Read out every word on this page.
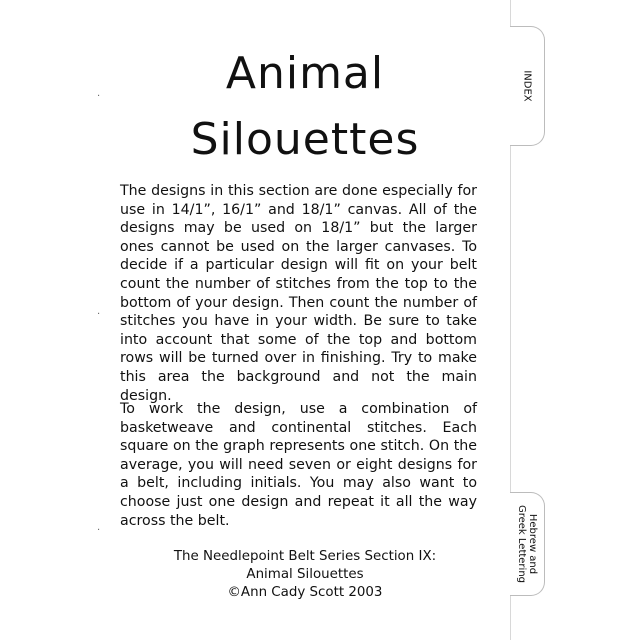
.
.
.
Animal
Silouettes

The designs in this section are done especially for use in 14/1”, 16/1” and 18/1” canvas. All of the designs may be used on 18/1” but the larger ones cannot be used on the larger canvases. To decide if a particular design will fit on your belt count the number of stitches from the top to the bottom of your design. Then count the number of stitches you have in your width. Be sure to take into account that some of the top and bottom rows will be turned over in finishing. Try to make this area the background and not the main design.

To work the design, use a combination of basketweave and continental stitches. Each square on the graph represents one stitch. On the average, you will need seven or eight designs for a belt, including initials. You may also want to choose just one design and repeat it all the way across the belt.

The Needlepoint Belt Series Section IX:
Animal Silouettes
©Ann Cady Scott 2003
INDEX
Hebrew and
Greek Lettering
